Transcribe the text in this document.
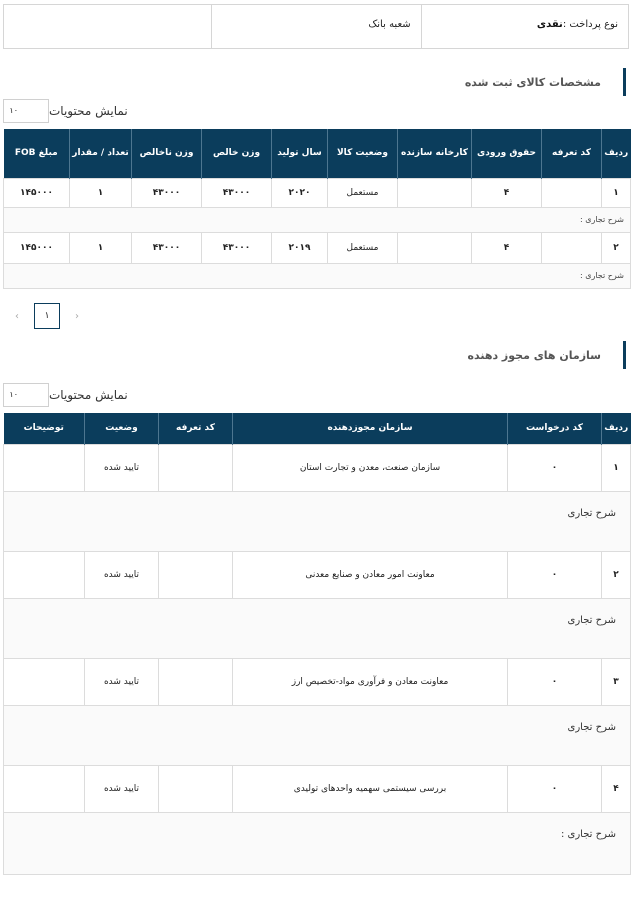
نوع پرداخت :نقدی
شعبه بانک
مشخصات کالای ثبت شده
۱۰	نمایش محتویات
ردیف	کد تعرفه	حقوق ورودی	کارخانه سازنده	وضعیت کالا	سال تولید	وزن خالص	وزن ناخالص	تعداد / مقدار	مبلغ FOB
۱		۴		مستعمل	۲۰۲۰	۴۳۰۰۰	۴۳۰۰۰	۱	۱۴۵۰۰۰
شرح تجاری :									
۲		۴		مستعمل	۲۰۱۹	۴۳۰۰۰	۴۳۰۰۰	۱	۱۴۵۰۰۰
شرح تجاری :									
‹	۱	›
سازمان های مجوز دهنده
۱۰	نمایش محتویات
ردیف	کد درخواست	سازمان مجوزدهنده	کد تعرفه	وضعیت	توضیحات
۱	۰	سازمان صنعت، معدن و تجارت استان		تایید شده	
شرح تجاری					
۲	۰	معاونت امور معادن و صنایع معدنی		تایید شده	
شرح تجاری					
۳	۰	معاونت معادن و فرآوری مواد-تخصیص ارز		تایید شده	
شرح تجاری					
۴	۰	بررسی سیستمی سهمیه واحدهای تولیدی		تایید شده	
شرح تجاری :					
